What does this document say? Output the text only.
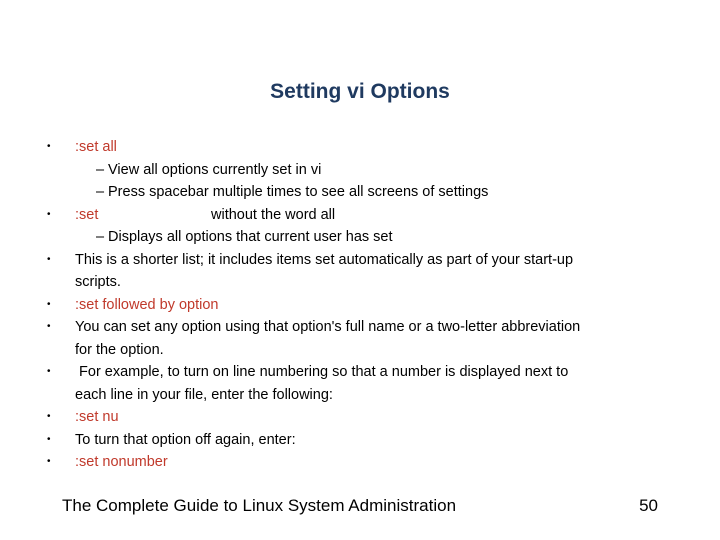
Setting vi Options
• :set all
– View all options currently set in vi
– Press spacebar multiple times to see all screens of settings
• :set	without the word all
– Displays all options that current user has set
• This is a shorter list; it includes items set automatically as part of your start-up
scripts.
• :set followed by option
• You can set any option using that option's full name or a two-letter abbreviation
for the option.
• For example, to turn on line numbering so that a number is displayed next to
each line in your file, enter the following:
• :set nu
• To turn that option off again, enter:
• :set nonumber
The Complete Guide to Linux System Administration	50
